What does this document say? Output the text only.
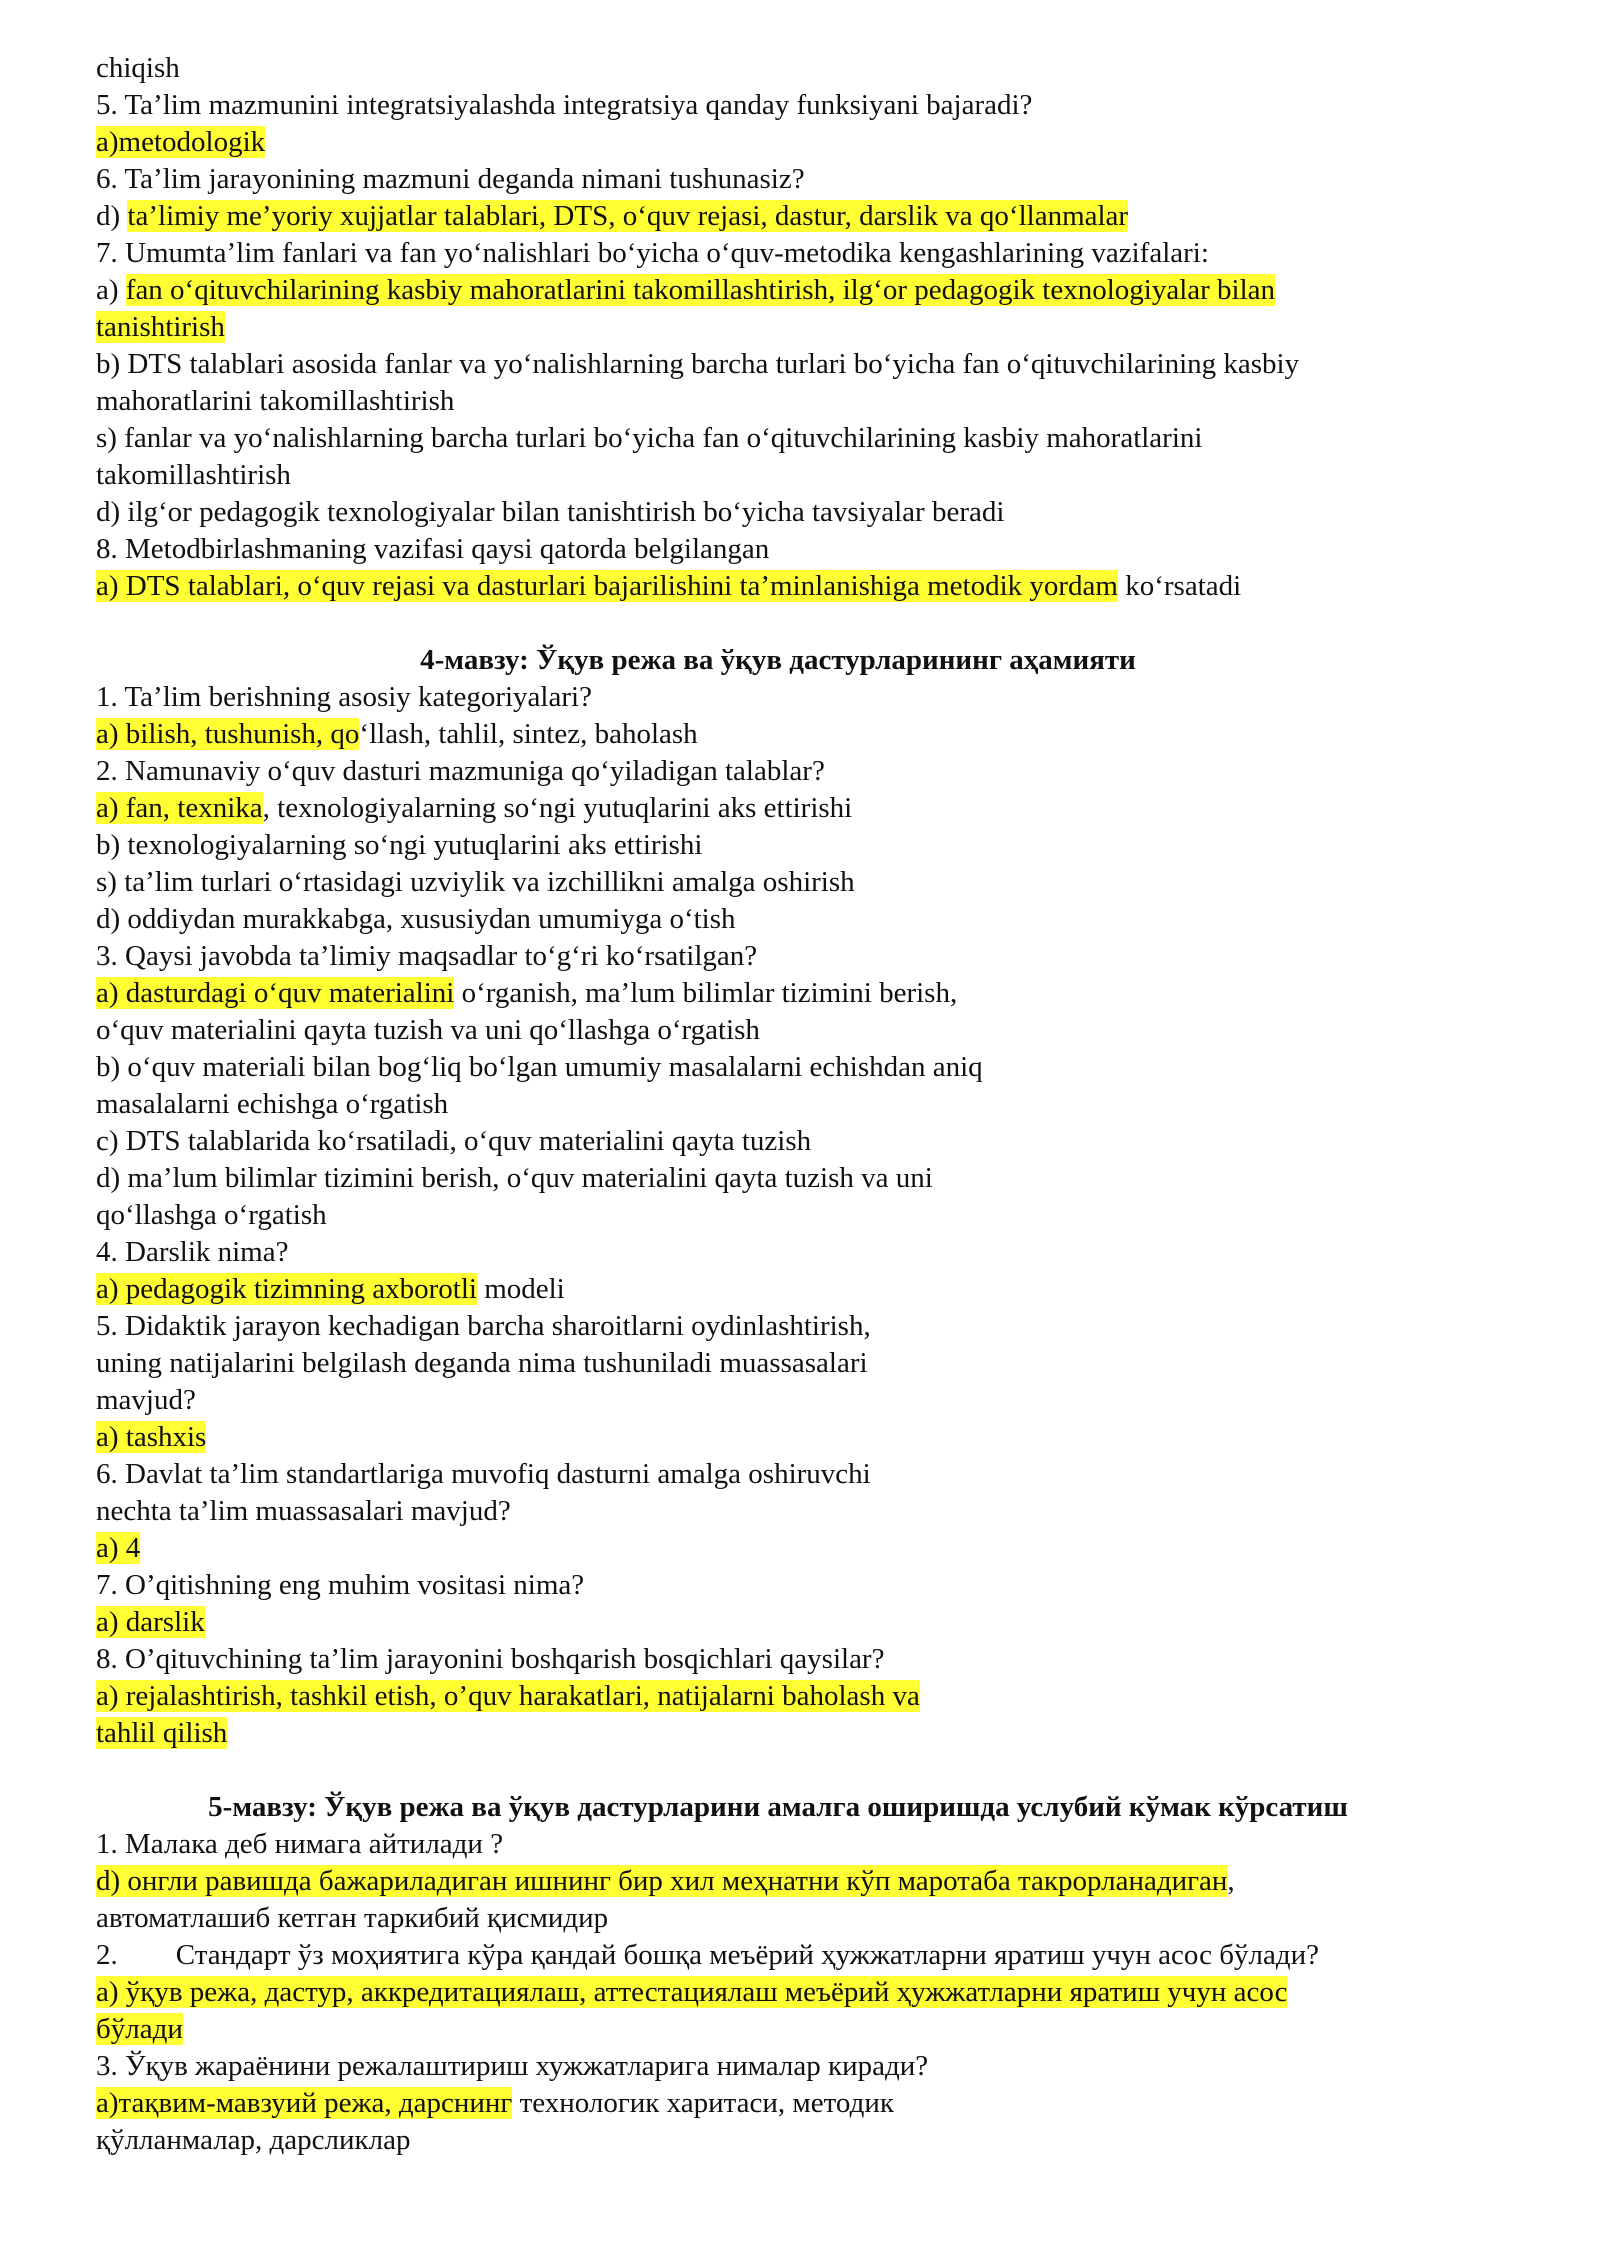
chiqish
5. Ta’lim mazmunini integratsiyalashda integratsiya qanday funksiyani bajaradi?
a)metodologik
6. Ta’lim jarayonining mazmuni deganda nimani tushunasiz?
d) ta’limiy me’yoriy xujjatlar talablari, DTS, o‘quv rejasi, dastur, darslik va qo‘llanmalar
7. Umumta’lim fanlari va fan yo‘nalishlari bo‘yicha o‘quv-metodika kengashlarining vazifalari:
a) fan o‘qituvchilarining kasbiy mahoratlarini takomillashtirish, ilg‘or pedagogik texnologiyalar bilan
tanishtirish
b) DTS talablari asosida fanlar va yo‘nalishlarning barcha turlari bo‘yicha fan o‘qituvchilarining kasbiy
mahoratlarini takomillashtirish
s) fanlar va yo‘nalishlarning barcha turlari bo‘yicha fan o‘qituvchilarining kasbiy mahoratlarini
takomillashtirish
d) ilg‘or pedagogik texnologiyalar bilan tanishtirish bo‘yicha tavsiyalar beradi
8. Metodbirlashmaning vazifasi qaysi qatorda belgilangan
a) DTS talablari, o‘quv rejasi va dasturlari bajarilishini ta’minlanishiga metodik yordam ko‘rsatadi
4-мавзу: Ўқув режа ва ўқув дастурларининг аҳамияти
1. Ta’lim berishning asosiy kategoriyalari?
a) bilish, tushunish, qo‘llash, tahlil, sintez, baholash
2. Namunaviy o‘quv dasturi mazmuniga qo‘yiladigan talablar?
a) fan, texnika, texnologiyalarning so‘ngi yutuqlarini aks ettirishi
b) texnologiyalarning so‘ngi yutuqlarini aks ettirishi
s) ta’lim turlari o‘rtasidagi uzviylik va izchillikni amalga oshirish
d) oddiydan murakkabga, xususiydan umumiyga o‘tish
3. Qaysi javobda ta’limiy maqsadlar to‘g‘ri ko‘rsatilgan?
a) dasturdagi o‘quv materialini o‘rganish, ma’lum bilimlar tizimini berish,
o‘quv materialini qayta tuzish va uni qo‘llashga o‘rgatish
b) o‘quv materiali bilan bog‘liq bo‘lgan umumiy masalalarni echishdan aniq
masalalarni echishga o‘rgatish
c) DTS talablarida ko‘rsatiladi, o‘quv materialini qayta tuzish
d) ma’lum bilimlar tizimini berish, o‘quv materialini qayta tuzish va uni
qo‘llashga o‘rgatish
4. Darslik nima?
a) pedagogik tizimning axborotli modeli
5. Didaktik jarayon kechadigan barcha sharoitlarni oydinlashtirish,
uning natijalarini belgilash deganda nima tushuniladi muassasalari
mavjud?
a) tashxis
6. Davlat ta’lim standartlariga muvofiq dasturni amalga oshiruvchi
nechta ta’lim muassasalari mavjud?
a) 4
7. O’qitishning eng muhim vositasi nima?
a) darslik
8. O’qituvchining ta’lim jarayonini boshqarish bosqichlari qaysilar?
a) rejalashtirish, tashkil etish, o’quv harakatlari, natijalarni baholash va
tahlil qilish
5-мавзу: Ўқув режа ва ўқув дастурларини амалга оширишда услубий кўмак кўрсатиш
1. Малака деб нимага айтилади ?
d) онгли равишда бажариладиган ишнинг бир хил меҳнатни кўп маротаба такрорланадиган,
автоматлашиб кетган таркибий қисмидир
2.        Стандарт ўз моҳиятига кўра қандай бошқа меъёрий ҳужжатларни яратиш учун асос бўлади?
а) ўқув режа, дастур, аккредитациялаш, аттестациялаш меъёрий ҳужжатларни яратиш учун асос
бўлади
3. Ўқув жараёнини режалаштириш хужжатларига нималар киради?
а)тақвим-мавзуий режа, дарснинг технологик харитаси, методик
қўлланмалар, дарсликлар
